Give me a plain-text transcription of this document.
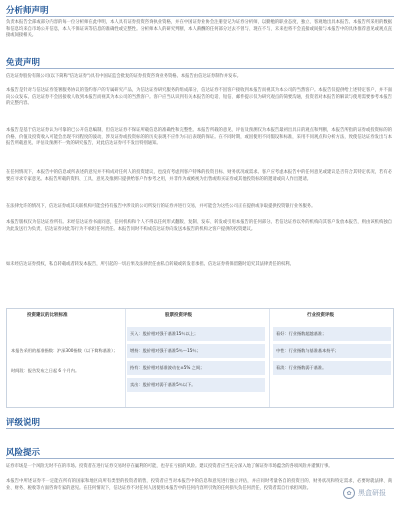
分析师声明
负责本报告全部或部分内容的每一位分析师在此申明，本人具有证券投资咨询执业资格，并在中国证券业协会注册登记为证券分析师，以勤勉的职业态度，独立、客观地出具本报告。本报告所采用的数据和信息均来自市场公开信息，本人不保证该等信息的准确性或完整性。分析师本人的研究判断，本人薪酬的任何部分过去不曾与、现在不与、未来也将不会直接或间接与本报告中的具体推荐意见或观点直接或间接相关。
免责声明
信达证券股份有限公司(以下简称"信达证券")具有中国证监会批复的证券投资咨询业务资格。本报告由信达证券制作并发布。
本报告是针对与信达证券签署服务协议的签约客户的专属研究产品，为信达证券研究服务的组成部分，信达证券不因客户接收到本报告而视其为本公司的当然客户。本报告仅提供给上述特定客户，并不面向公众发布。信达证券不会因接收人收到本报告而视其为本公司的当然客户。客户应当认识到有关本报告的电话、短信、邮件提示仅为研究观点的简要沟通，投资者对本报告的解读与使用需要参考本报告的完整内容。
本报告是基于信达证券认为可靠的已公开信息编制，但信达证券不保证所载信息的准确性和完整性。本报告所载的意见、评估及预测仅为本报告最初出具日的观点和判断，本报告所指的证券或投资标的的价格、价值及投资收入可能会出现不同程度的波动，涉及证券或投资标的的历史表现不应作为日后表现的保证。在不同时期，或因使用不同假设和标准，采用不同观点和分析方法，致使信达证券发出与本报告所载意见、评估及预测不一致的研究报告，对此信达证券可不发出特别通知。
在任何情况下，本报告中的信息或所表述的意见并不构成对任何人的投资建议，也没有考虑到客户特殊的投资目标、财务状况或需求。客户应考虑本报告中的任何意见或建议是否符合其特定状况，若有必要应寻求专家意见。本报告所载的资料、工具、意见及推测只提供给客户作参考之用，并非作为或被视为出售或购买证券或其他投资标的的邀请或向人作出邀请。
在法律允许的情况下，信达证券或其关联机构可能会持有报告中涉及的公司所发行的证券并进行交易，并可能会为这些公司正在提供或争取提供投资银行业务服务。
本报告版权仅为信达证券所有。未经信达证券书面同意，任何机构和个人不得以任何形式翻版、复制、发布、转发或引用本报告的任何部分。若信达证券以外的机构向其客户发放本报告，则由该机构独自为此发送行为负责，信达证券对此等行为不承担任何责任。本报告同时不构成信达证券向发送本报告的机构之客户提供的投资建议。
如未经信达证券授权，私自转载或者转发本报告，所引起的一切后果及法律责任由私自转载或转发者承担。信达证券将保留随时追究其法律责任的权利。
投资建议的比较标准	股票投资评级	行业投资评级
本报告采用的基准指数：沪深300指数（以下简称基准）；
时间段：报告发布之日起 6 个月内。
买入：股价相对强于基准15％以上；	看好：行业指数超越基准；
增持：股价相对强于基准5％～15％；	中性：行业指数与基准基本持平；
持有：股价相对基准波动在±5% 之间；	看淡：行业指数弱于基准。
卖出：股价相对弱于基准5％以下。
评级说明
风险提示
证券市场是一个风险无时不在的市场。投资者在进行证券交易时存在赢利的可能，也存在亏损的风险。建议投资者应当充分深入地了解证券市场蕴含的各项风险并谨慎行事。
本报告中所述证券不一定能在所有的国家和地区向所有类型的投资者销售，投资者应当对本报告中的信息和意见进行独立评估，并应同时考量各自的投资目的、财务状况和特定需求，必要时就法律、商业、财务、税收等方面咨询专家的意见。在任何情况下，信达证券不对任何人因使用本报告中的任何内容所引致的任何损失负任何责任，投资者需自行承担风险。
✿ 黑盒研报
